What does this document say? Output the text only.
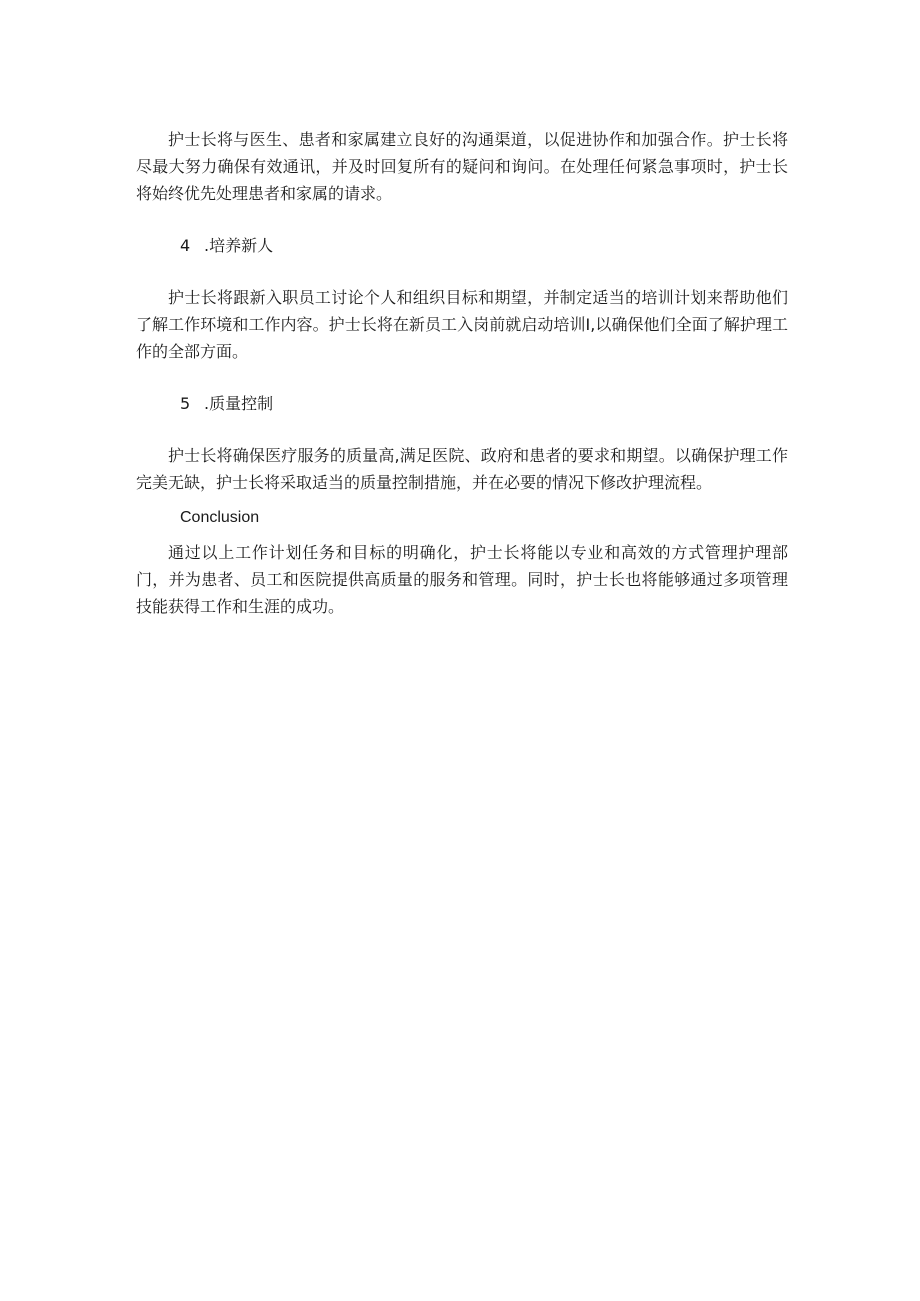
护士长将与医生、患者和家属建立良好的沟通渠道，以促进协作和加强合作。护士长将尽最大努力确保有效通讯，并及时回复所有的疑问和询问。在处理任何紧急事项时，护士长将始终优先处理患者和家属的请求。

4 .培养新人

护士长将跟新入职员工讨论个人和组织目标和期望，并制定适当的培训计划来帮助他们了解工作环境和工作内容。护士长将在新员工入岗前就启动培训I,以确保他们全面了解护理工作的全部方面。

5 .质量控制

护士长将确保医疗服务的质量高,满足医院、政府和患者的要求和期望。以确保护理工作完美无缺，护士长将采取适当的质量控制措施，并在必要的情况下修改护理流程。

Conclusion

通过以上工作计划任务和目标的明确化，护士长将能以专业和高效的方式管理护理部门，并为患者、员工和医院提供高质量的服务和管理。同时，护士长也将能够通过多项管理技能获得工作和生涯的成功。
